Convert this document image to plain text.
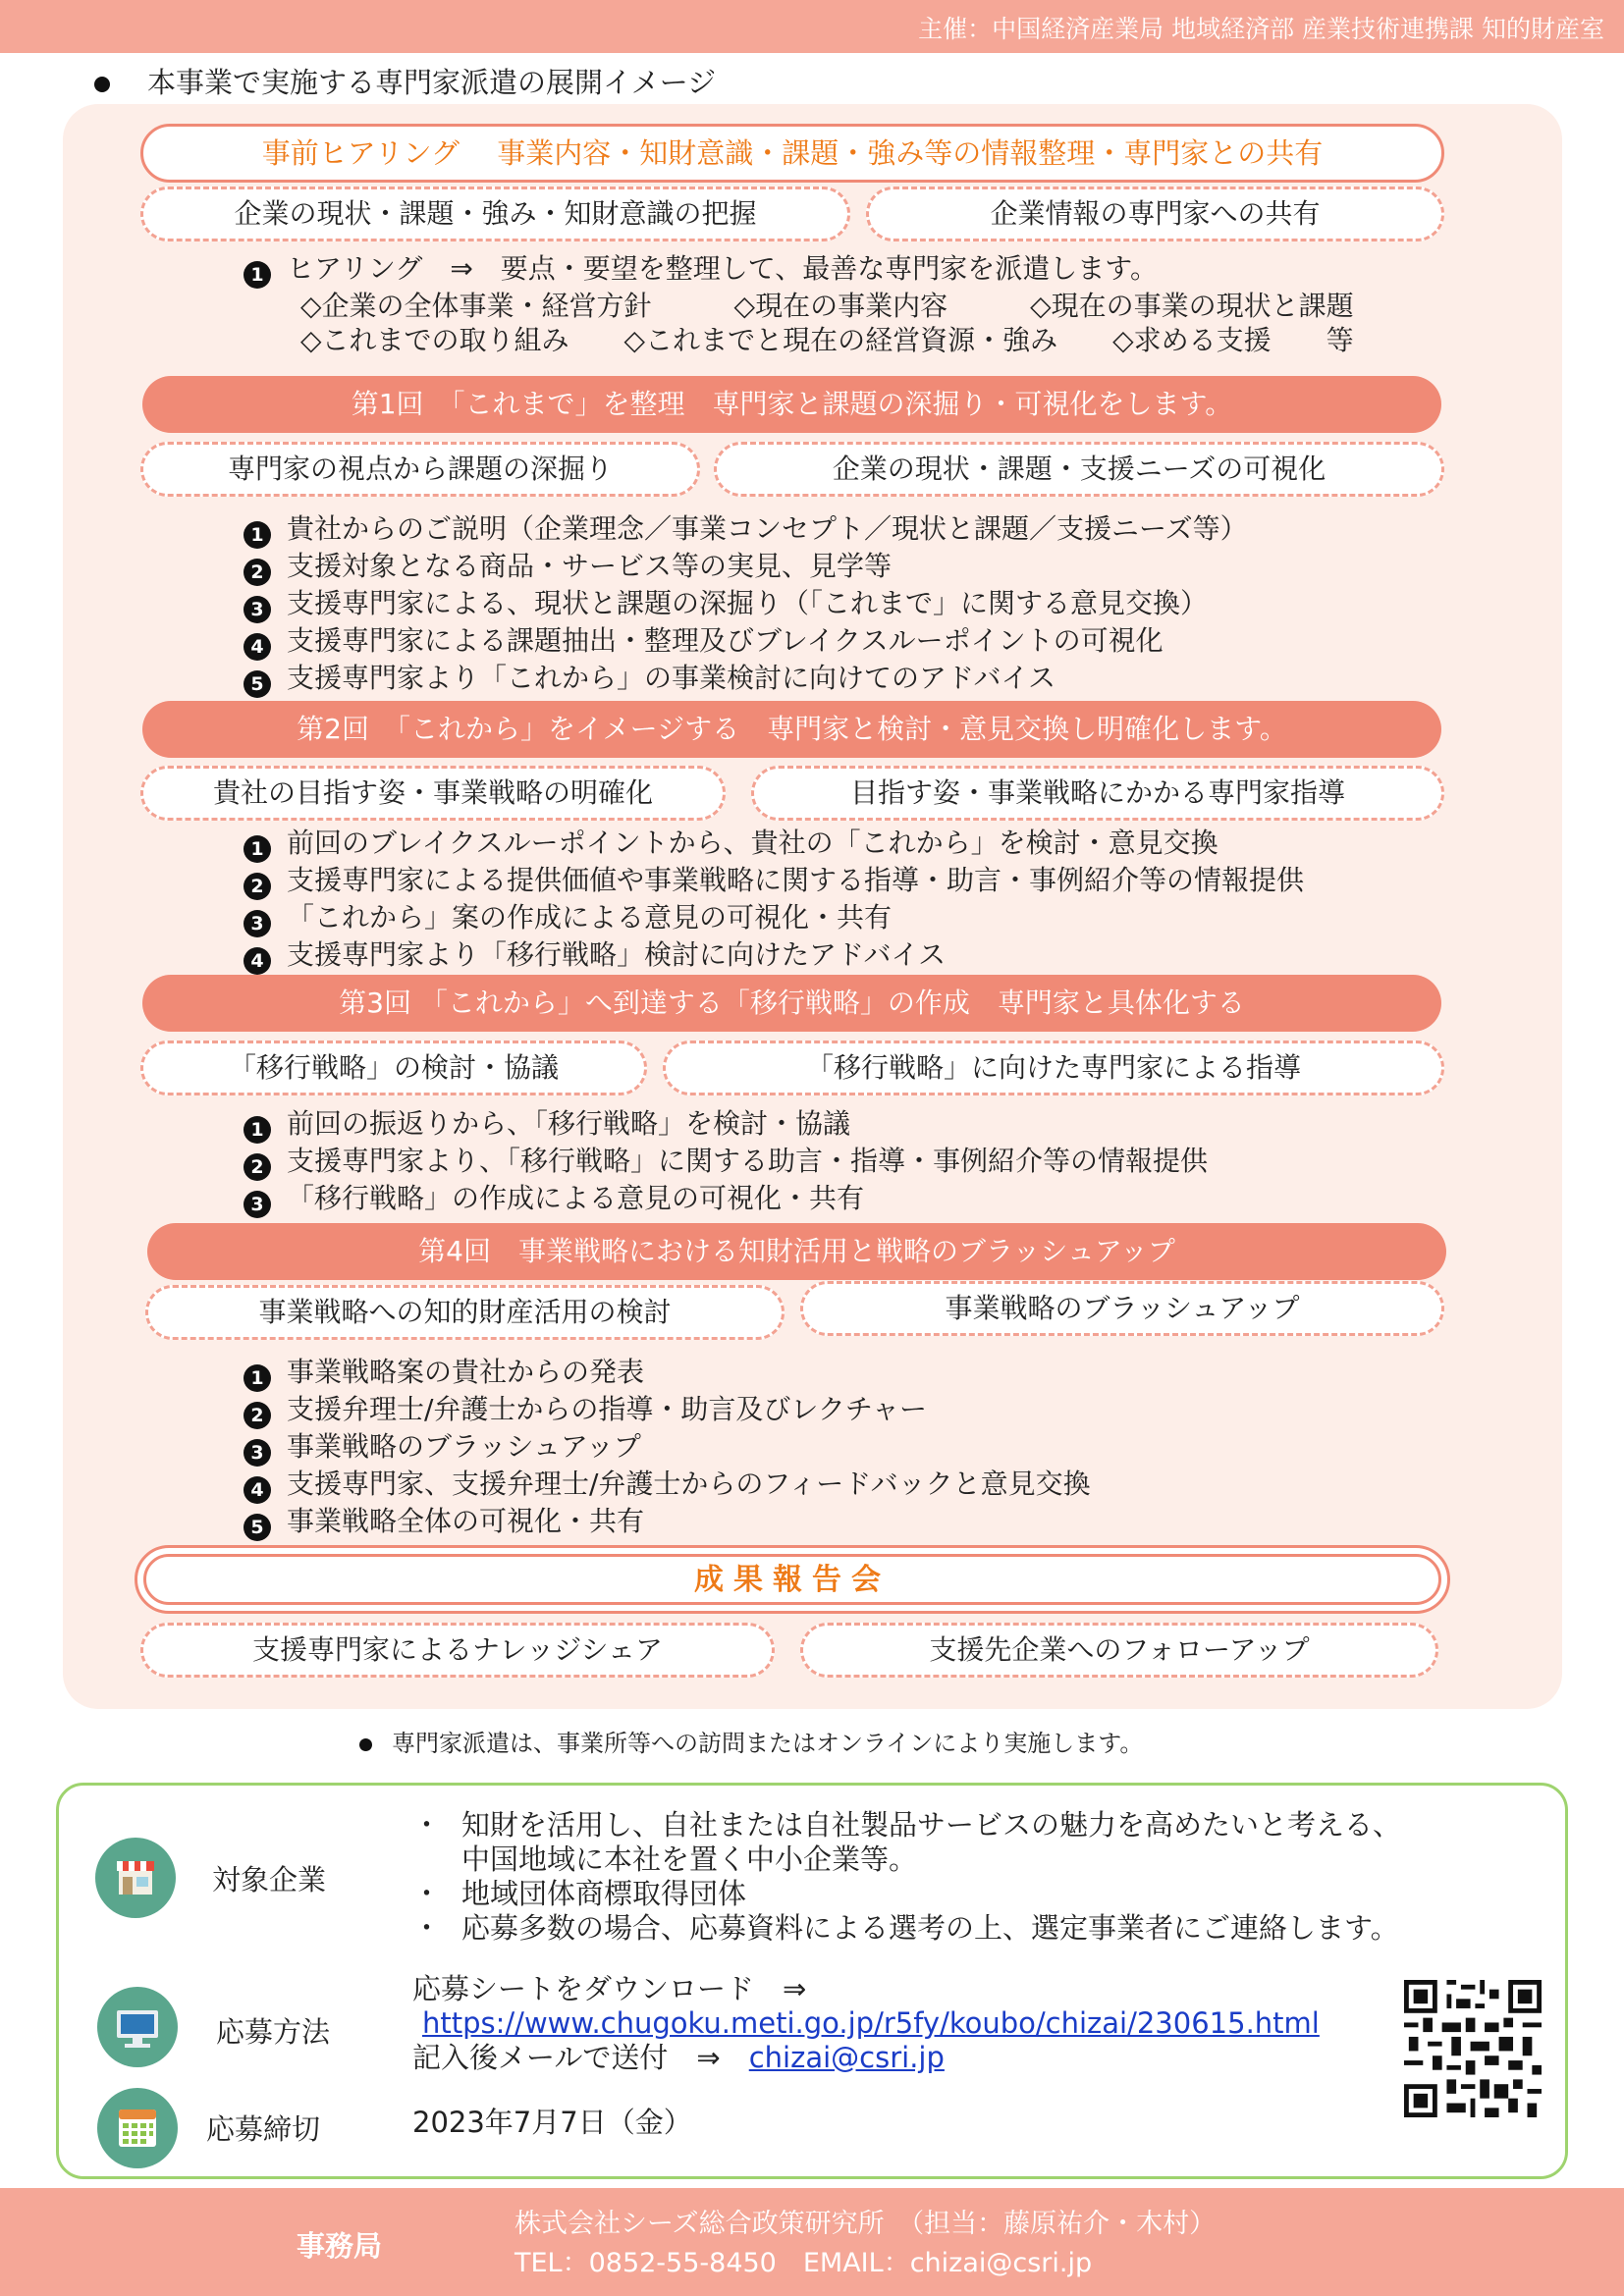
主催：中国経済産業局 地域経済部 産業技術連携課 知的財産室
本事業で実施する専門家派遣の展開イメージ
事前ヒアリング　 事業内容・知財意識・課題・強み等の情報整理・専門家との共有
企業の現状・課題・強み・知財意識の把握	企業情報の専門家への共有
1 ヒアリング　⇒　要点・要望を整理して、最善な専門家を派遣します。
◇企業の全体事業・経営方針　　　◇現在の事業内容　　　◇現在の事業の現状と課題
◇これまでの取り組み　　◇これまでと現在の経営資源・強み　　◇求める支援　　等
第1回　「これまで」を整理　専門家と課題の深掘り・可視化をします。
専門家の視点から課題の深掘り	企業の現状・課題・支援ニーズの可視化
1 貴社からのご説明（企業理念／事業コンセプト／現状と課題／支援ニーズ等）
2 支援対象となる商品・サービス等の実見、見学等
3 支援専門家による、現状と課題の深掘り（「これまで」に関する意見交換）
4 支援専門家による課題抽出・整理及びブレイクスルーポイントの可視化
5 支援専門家より「これから」の事業検討に向けてのアドバイス
第2回　「これから」をイメージする　専門家と検討・意見交換し明確化します。
貴社の目指す姿・事業戦略の明確化	目指す姿・事業戦略にかかる専門家指導
1 前回のブレイクスルーポイントから、貴社の「これから」を検討・意見交換
2 支援専門家による提供価値や事業戦略に関する指導・助言・事例紹介等の情報提供
3 「これから」案の作成による意見の可視化・共有
4 支援専門家より「移行戦略」検討に向けたアドバイス
第3回 「これから」へ到達する「移行戦略」の作成　専門家と具体化する
「移行戦略」の検討・協議	「移行戦略」に向けた専門家による指導
1 前回の振返りから、「移行戦略」を検討・協議
2 支援専門家より、「移行戦略」に関する助言・指導・事例紹介等の情報提供
3 「移行戦略」の作成による意見の可視化・共有
第4回　事業戦略における知財活用と戦略のブラッシュアップ
事業戦略への知的財産活用の検討	事業戦略のブラッシュアップ
1 事業戦略案の貴社からの発表
2 支援弁理士/弁護士からの指導・助言及びレクチャー
3 事業戦略のブラッシュアップ
4 支援専門家、支援弁理士/弁護士からのフィードバックと意見交換
5 事業戦略全体の可視化・共有
成果報告会
支援専門家によるナレッジシェア	支援先企業へのフォローアップ
専門家派遣は、事業所等への訪問またはオンラインにより実施します。
対象企業
・ 知財を活用し、自社または自社製品サービスの魅力を高めたいと考える、
中国地域に本社を置く中小企業等。
・ 地域団体商標取得団体
・ 応募多数の場合、応募資料による選考の上、選定事業者にご連絡します。
応募方法
応募シートをダウンロード　⇒
https://www.chugoku.meti.go.jp/r5fy/koubo/chizai/230615.html
記入後メールで送付　⇒　chizai@csri.jp
応募締切	2023年7月7日（金）
事務局
株式会社シーズ総合政策研究所　（担当：藤原祐介・木村）
TEL：0852-55-8450　EMAIL：chizai@csri.jp
